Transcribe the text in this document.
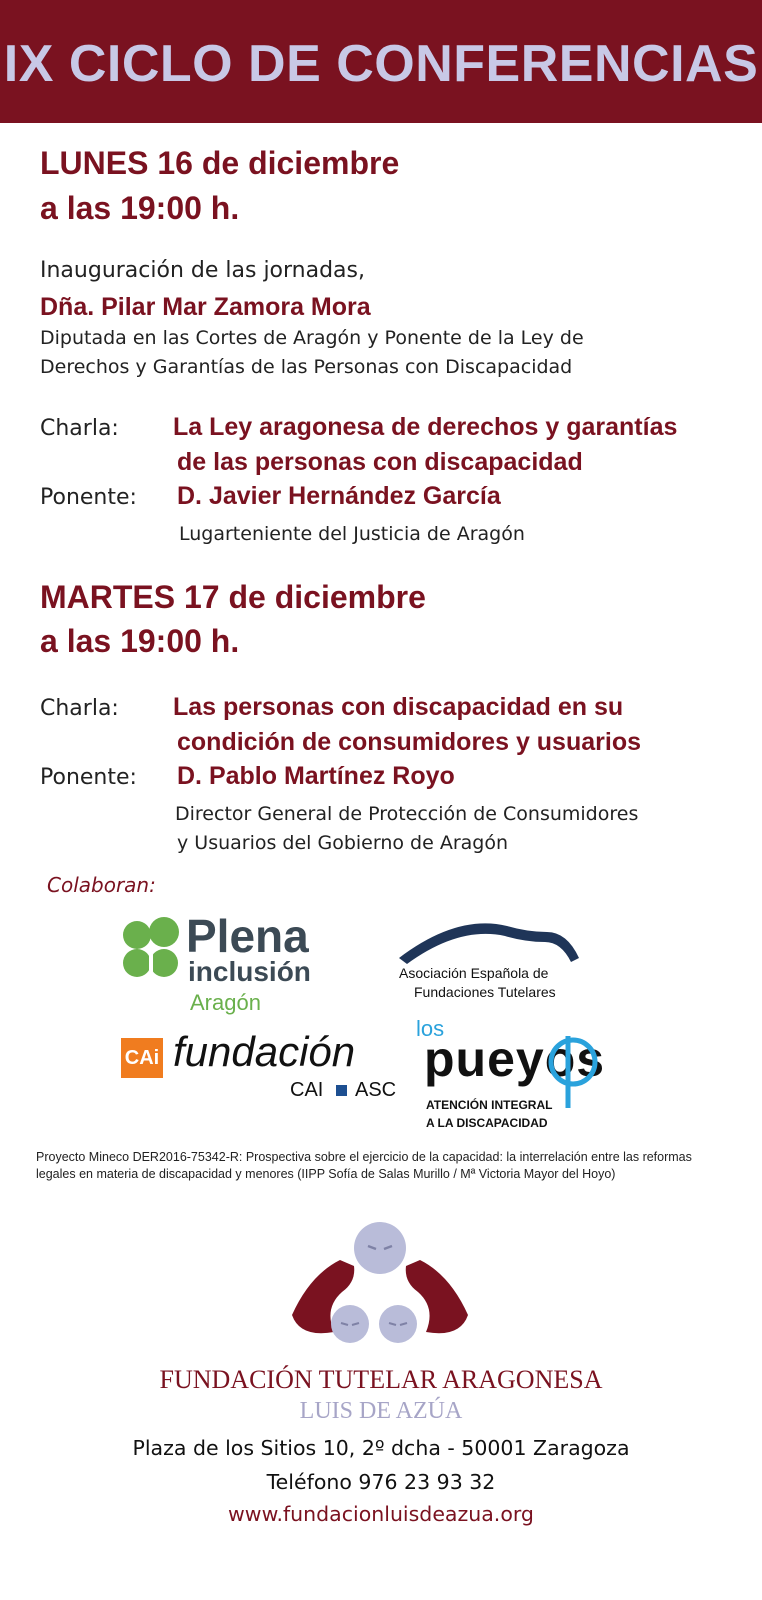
IX CICLO DE CONFERENCIAS
LUNES 16 de diciembre
a las 19:00 h.
Inauguración de las jornadas,
Dña. Pilar Mar Zamora Mora
Diputada en las Cortes de Aragón y Ponente de la Ley de
Derechos y Garantías de las Personas con Discapacidad
Charla: La Ley aragonesa de derechos y garantías
de las personas con discapacidad
Ponente: D. Javier Hernández García
Lugarteniente del Justicia de Aragón
MARTES 17 de diciembre
a las 19:00 h.
Charla: Las personas con discapacidad en su
condición de consumidores y usuarios
Ponente: D. Pablo Martínez Royo
Director General de Protección de Consumidores
y Usuarios del Gobierno de Aragón
Colaboran:
Plena
inclusión
Aragón
Asociación Española de
Fundaciones Tutelares
CAi fundación
CAI ASC
los
pueyos
ATENCIÓN INTEGRAL
A LA DISCAPACIDAD
Proyecto Mineco DER2016-75342-R: Prospectiva sobre el ejercicio de la capacidad: la interrelación entre las reformas legales en materia de discapacidad y menores (IIPP Sofía de Salas Murillo / Mª Victoria Mayor del Hoyo)
FUNDACIÓN TUTELAR ARAGONESA
LUIS DE AZÚA
Plaza de los Sitios 10, 2º dcha - 50001 Zaragoza
Teléfono 976 23 93 32
www.fundacionluisdeazua.org
